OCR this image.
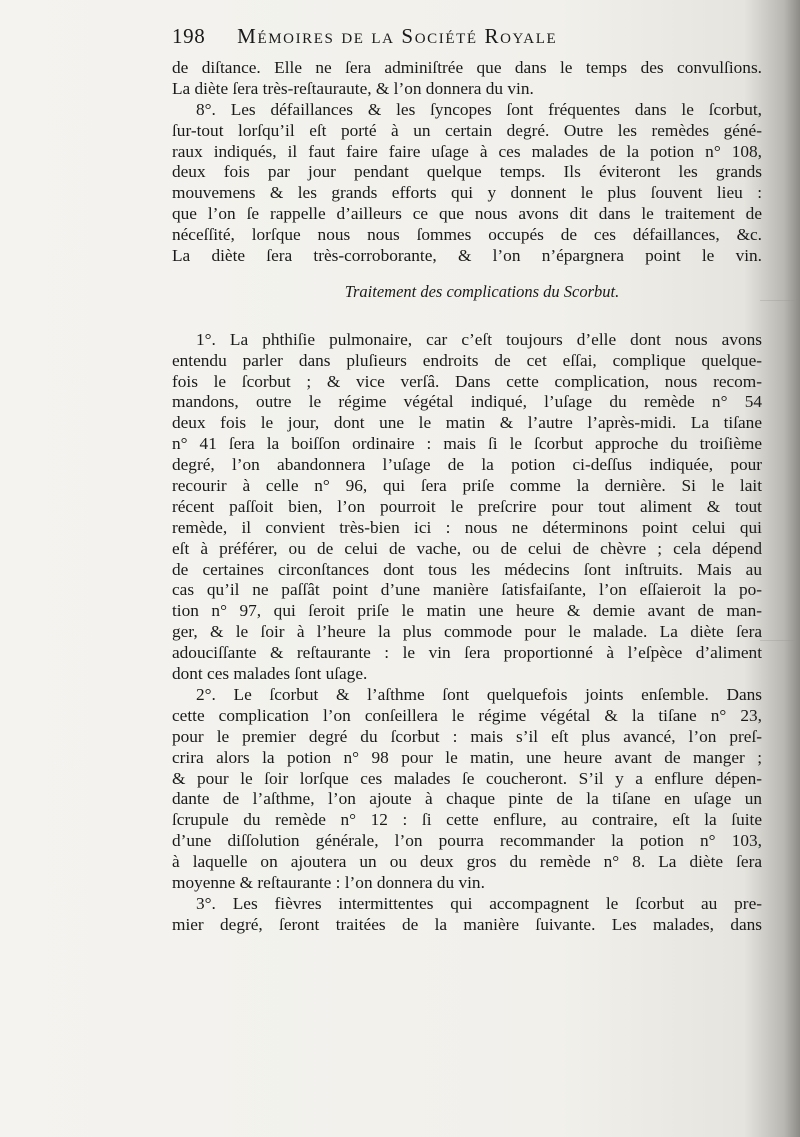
198 Mémoires de la Société Royale
de diſtance. Elle ne ſera adminiſtrée que dans le temps des convulſions.
La diète ſera très-reſtauraute, & l’on donnera du vin.
8°. Les défaillances & les ſyncopes ſont fréquentes dans le ſcorbut,
ſur-tout lorſqu’il eſt porté à un certain degré. Outre les remèdes géné-
raux indiqués, il faut faire faire uſage à ces malades de la potion n° 108,
deux fois par jour pendant quelque temps. Ils éviteront les grands
mouvemens & les grands efforts qui y donnent le plus ſouvent lieu :
que l’on ſe rappelle d’ailleurs ce que nous avons dit dans le traitement de
néceſſité, lorſque nous nous ſommes occupés de ces défaillances, &c.
La diète ſera très-corroborante, & l’on n’épargnera point le vin.
Traitement des complications du Scorbut.
1°. La phthiſie pulmonaire, car c’eſt toujours d’elle dont nous avons
entendu parler dans pluſieurs endroits de cet eſſai, complique quelque-
fois le ſcorbut ; & vice verſâ. Dans cette complication, nous recom-
mandons, outre le régime végétal indiqué, l’uſage du remède n° 54
deux fois le jour, dont une le matin & l’autre l’après-midi. La tiſane
n° 41 ſera la boiſſon ordinaire : mais ſi le ſcorbut approche du troiſième
degré, l’on abandonnera l’uſage de la potion ci-deſſus indiquée, pour
recourir à celle n° 96, qui ſera priſe comme la dernière. Si le lait
récent paſſoit bien, l’on pourroit le preſcrire pour tout aliment & tout
remède, il convient très-bien ici : nous ne déterminons point celui qui
eſt à préférer, ou de celui de vache, ou de celui de chèvre ; cela dépend
de certaines circonſtances dont tous les médecins ſont inſtruits. Mais au
cas qu’il ne paſſât point d’une manière ſatisfaiſante, l’on eſſaieroit la po-
tion n° 97, qui ſeroit priſe le matin une heure & demie avant de man-
ger, & le ſoir à l’heure la plus commode pour le malade. La diète ſera
adouciſſante & reſtaurante : le vin ſera proportionné à l’eſpèce d’aliment
dont ces malades ſont uſage.
2°. Le ſcorbut & l’aſthme ſont quelquefois joints enſemble. Dans
cette complication l’on conſeillera le régime végétal & la tiſane n° 23,
pour le premier degré du ſcorbut : mais s’il eſt plus avancé, l’on preſ-
crira alors la potion n° 98 pour le matin, une heure avant de manger ;
& pour le ſoir lorſque ces malades ſe coucheront. S’il y a enflure dépen-
dante de l’aſthme, l’on ajoute à chaque pinte de la tiſane en uſage un
ſcrupule du remède n° 12 : ſi cette enflure, au contraire, eſt la ſuite
d’une diſſolution générale, l’on pourra recommander la potion n° 103,
à laquelle on ajoutera un ou deux gros du remède n° 8. La diète ſera
moyenne & reſtaurante : l’on donnera du vin.
3°. Les fièvres intermittentes qui accompagnent le ſcorbut au pre-
mier degré, ſeront traitées de la manière ſuivante. Les malades, dans
